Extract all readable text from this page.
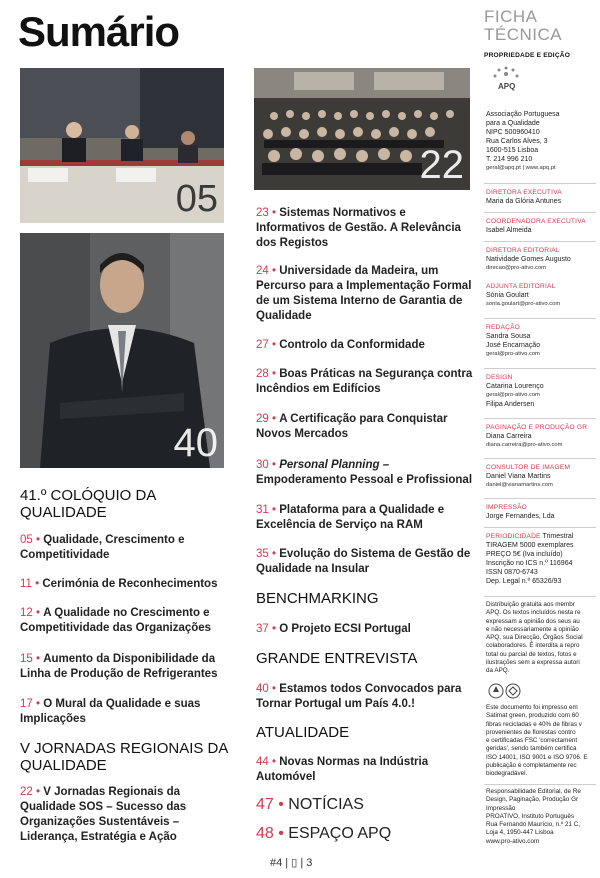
Sumário
05
22
40
41.º COLÓQUIO DA QUALIDADE
05 • Qualidade, Crescimento e Competitividade
11 • Cerimónia de Reconhecimentos
12 • A Qualidade no Crescimento e Competitividade das Organizações
15 • Aumento da Disponibilidade da Linha de Produção de Refrigerantes
17 • O Mural da Qualidade e suas Implicações
V JORNADAS REGIONAIS DA QUALIDADE
22 • V Jornadas Regionais da Qualidade SOS – Sucesso das Organizações Sustentáveis – Liderança, Estratégia e Ação
23 • Sistemas Normativos e Informativos de Gestão. A Relevância dos Registos
24 • Universidade da Madeira, um Percurso para a Implementação Formal de um Sistema Interno de Garantia de Qualidade
27 • Controlo da Conformidade
28 • Boas Práticas na Segurança contra Incêndios em Edifícios
29 • A Certificação para Conquistar Novos Mercados
30 • Personal Planning – Empoderamento Pessoal e Profissional
31 • Plataforma para a Qualidade e Excelência de Serviço na RAM
35 • Evolução do Sistema de Gestão de Qualidade na Insular
BENCHMARKING
37 • O Projeto ECSI Portugal
GRANDE ENTREVISTA
40 • Estamos todos Convocados para Tornar Portugal um País 4.0.!
ATUALIDADE
44 • Novas Normas na Indústria Automóvel
47 • NOTÍCIAS
48 • ESPAÇO APQ
#4 | ▯ | 3
FICHA
TÉCNICA
PROPRIEDADE E EDIÇÃO
APQ
Associação Portuguesa
para a Qualidade
NIPC 500960410
Rua Carlos Alves, 3
1600-515 Lisboa
T. 214 996 210
geral@apq.pt | www.apq.pt
DIRETORA EXECUTIVA
Maria da Glória Antunes
COORDENADORA EXECUTIVA
Isabel Almeida
DIRETORA EDITORIAL
Natividade Gomes Augusto
direcao@pro-ativo.com
ADJUNTA EDITORIAL
Sónia Goulart
sonia.goulart@pro-ativo.com
REDAÇÃO
Sandra Sousa
José Encarnação
geral@pro-ativo.com
DESIGN
Catarina Lourenço
geral@pro-ativo.com
Filipa Andersen
PAGINAÇÃO E PRODUÇÃO GR
Diana Carreira
diana.carreira@pro-ativo.com
CONSULTOR DE IMAGEM
Daniel Viana Martins
daniel@vianamartins.com
IMPRESSÃO
Jorge Fernandes, Lda
PERIODICIDADE Trimestral
TIRAGEM 5000 exemplares
PREÇO 5€ (Iva incluído)
Inscrição no ICS n.º 116964
ISSN 0870-6743
Dep. Legal n.º 65326/93
Distribuição gratuita aos membr
APQ. Os textos incluídos nesta re
expressam a opinião dos seus au
e não necessariamente a opinião
APQ, sua Direcção, Órgãos Social
colaboradores. É interdita a repro
total ou parcial de textos, fotos e
ilustrações sem a expressa autori
da APQ.
Este documento foi impresso em
Satimat green, produzido com 60
fibras recicladas e 40% de fibras v
provenientes de florestas contro
e certificadas FSC 'correctament
geridas', sendo também certifica
ISO 14001, ISO 9001 e ISO 9706. E
publicação é completamente rec
biodegradável.
Responsabilidade Editorial, de Re
Design, Paginação, Produção Gr
Impressão
PROATIVO, Instituto Português
Rua Fernando Maurício, n.º 21 C,
Loja 4, 1950-447 Lisboa
www.pro-ativo.com
